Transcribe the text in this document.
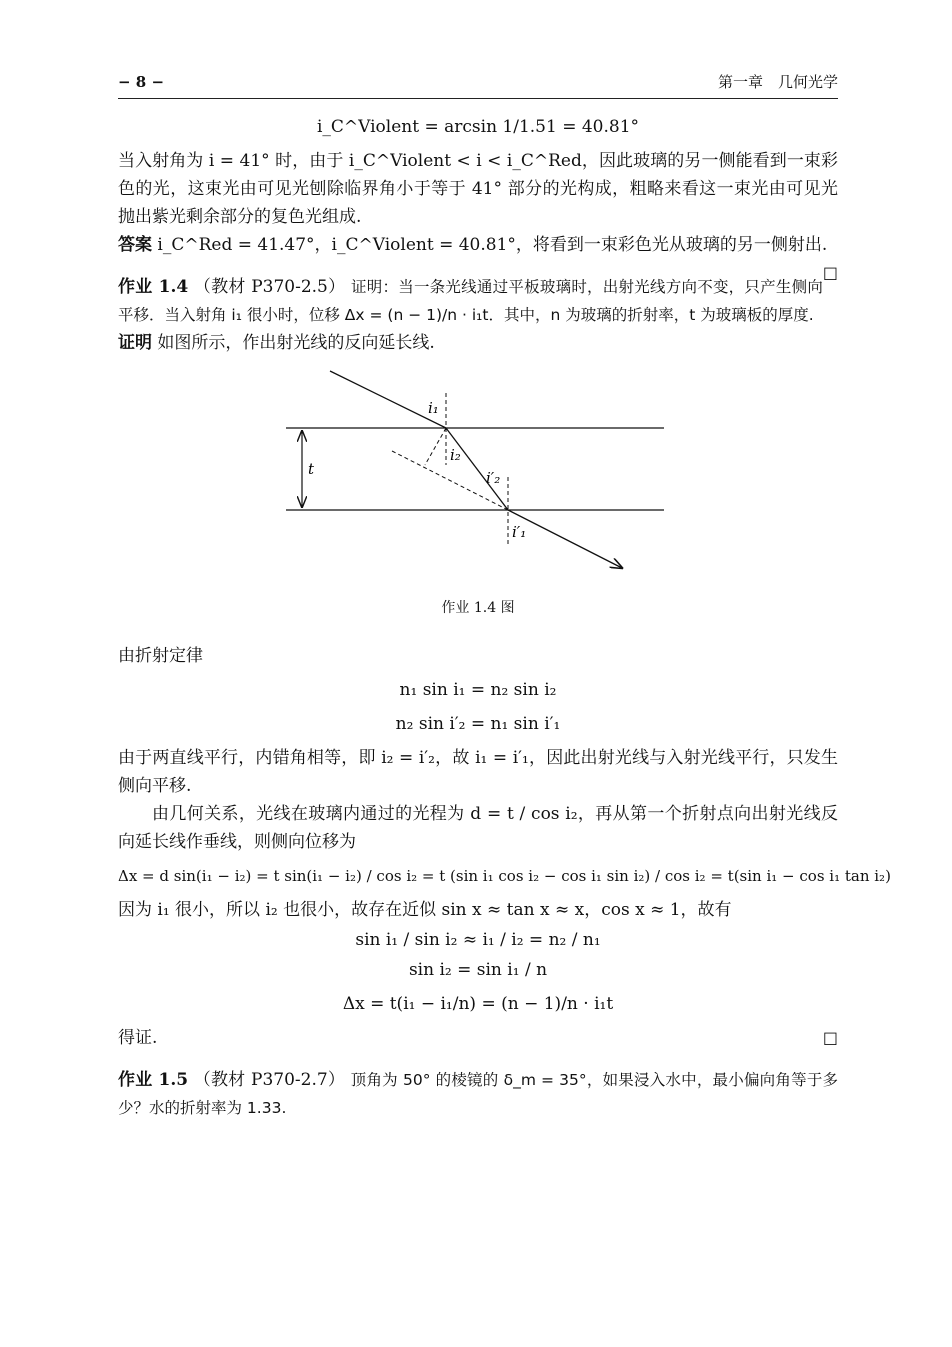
− 8 −	第一章　几何光学
i_C^Violent = arcsin 1/1.51 = 40.81°

当入射角为 i = 41° 时，由于 i_C^Violent < i < i_C^Red，因此玻璃的另一侧能看到一束彩色的光，这束光由可见光刨除临界角小于等于 41° 部分的光构成，粗略来看这一束光由可见光抛出紫光剩余部分的复色光组成.

答案 i_C^Red = 41.47°，i_C^Violent = 40.81°，将看到一束彩色光从玻璃的另一侧射出.
□

作业 1.4 （教材 P370-2.5） 证明：当一条光线通过平板玻璃时，出射光线方向不变，只产生侧向平移．当入射角 i₁ 很小时，位移 Δx = (n − 1)/n · i₁t．其中，n 为玻璃的折射率，t 为玻璃板的厚度.

证明 如图所示，作出射光线的反向延长线.

i₁
i₂
i′₂
i′₁
t
作业 1.4 图

由折射定律

n₁ sin i₁ = n₂ sin i₂
n₂ sin i′₂ = n₁ sin i′₁

由于两直线平行，内错角相等，即 i₂ = i′₂，故 i₁ = i′₁，因此出射光线与入射光线平行，只发生侧向平移.

由几何关系，光线在玻璃内通过的光程为 d = t / cos i₂，再从第一个折射点向出射光线反向延长线作垂线，则侧向位移为

Δx = d sin(i₁ − i₂) = t sin(i₁ − i₂) / cos i₂ = t (sin i₁ cos i₂ − cos i₁ sin i₂) / cos i₂ = t(sin i₁ − cos i₁ tan i₂)

因为 i₁ 很小，所以 i₂ 也很小，故存在近似 sin x ≈ tan x ≈ x，cos x ≈ 1，故有

sin i₁ / sin i₂ ≈ i₁ / i₂ = n₂ / n₁
sin i₂ = sin i₁ / n
Δx = t(i₁ − i₁/n) = (n − 1)/n · i₁t

得证.	□

作业 1.5 （教材 P370-2.7） 顶角为 50° 的棱镜的 δ_m = 35°，如果浸入水中，最小偏向角等于多少？水的折射率为 1.33.
